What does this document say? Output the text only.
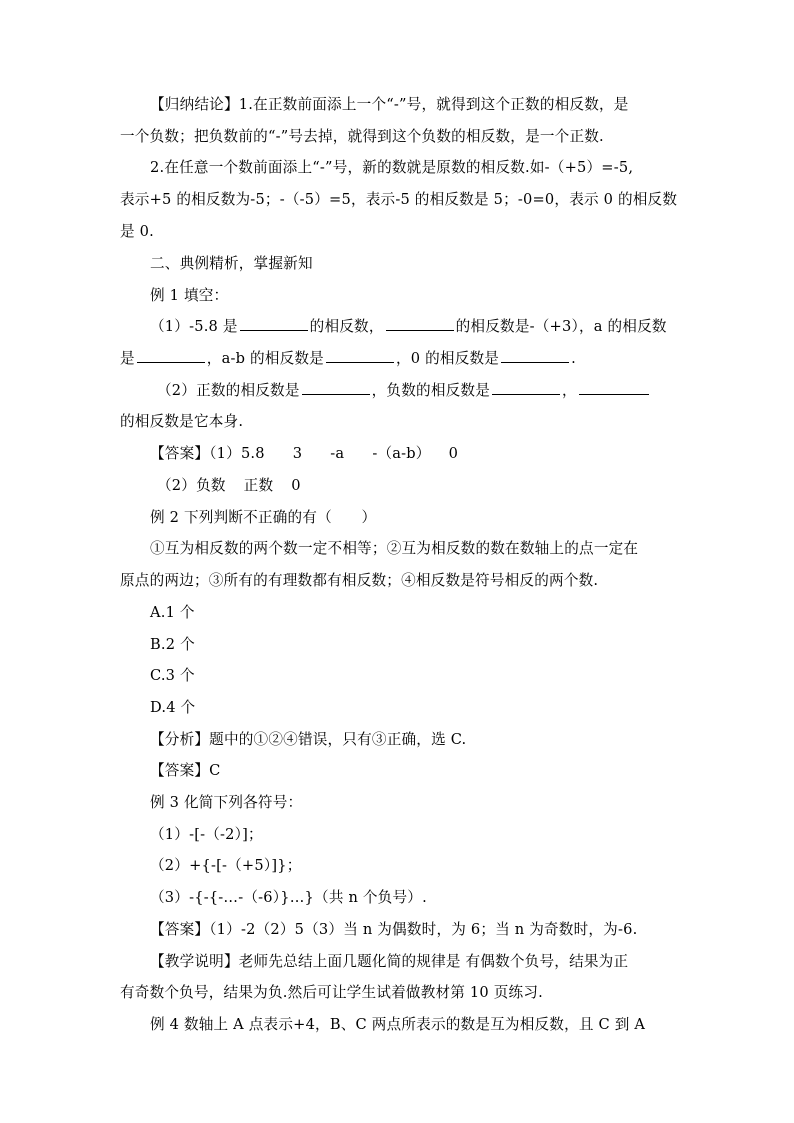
【归纳结论】1.在正数前面添上一个“-”号，就得到这个正数的相反数，是
一个负数；把负数前的“-”号去掉，就得到这个负数的相反数，是一个正数.
2.在任意一个数前面添上“-”号，新的数就是原数的相反数.如-（+5）=-5,
表示+5 的相反数为-5；-（-5）=5，表示-5 的相反数是 5；-0=0，表示 0 的相反数
是 0.
二、典例精析，掌握新知
例 1 填空：
（1）-5.8 是	的相反数，	的相反数是-（+3），a 的相反数
是	，a-b 的相反数是	，0 的相反数是	.
（2）正数的相反数是	，负数的相反数是	，
的相反数是它本身.
【答案】（1）5.8 3 -a -（a-b） 0
（2）负数 正数 0
例 2 下列判断不正确的有（　　）
①互为相反数的两个数一定不相等；②互为相反数的数在数轴上的点一定在
原点的两边；③所有的有理数都有相反数；④相反数是符号相反的两个数.
A.1 个
B.2 个
C.3 个
D.4 个
【分析】题中的①②④错误，只有③正确，选 C.
【答案】C
例 3 化简下列各符号：
（1）-[-（-2）]；
（2）+{-[-（+5）]}；
（3）-{-{-…-（-6）}…}（共 n 个负号）.
【答案】（1）-2（2）5（3）当 n 为偶数时，为 6；当 n 为奇数时，为-6.
【教学说明】老师先总结上面几题化简的规律是 有偶数个负号，结果为正
有奇数个负号，结果为负.然后可让学生试着做教材第 10 页练习.
例 4 数轴上 A 点表示+4，B、C 两点所表示的数是互为相反数，且 C 到 A
